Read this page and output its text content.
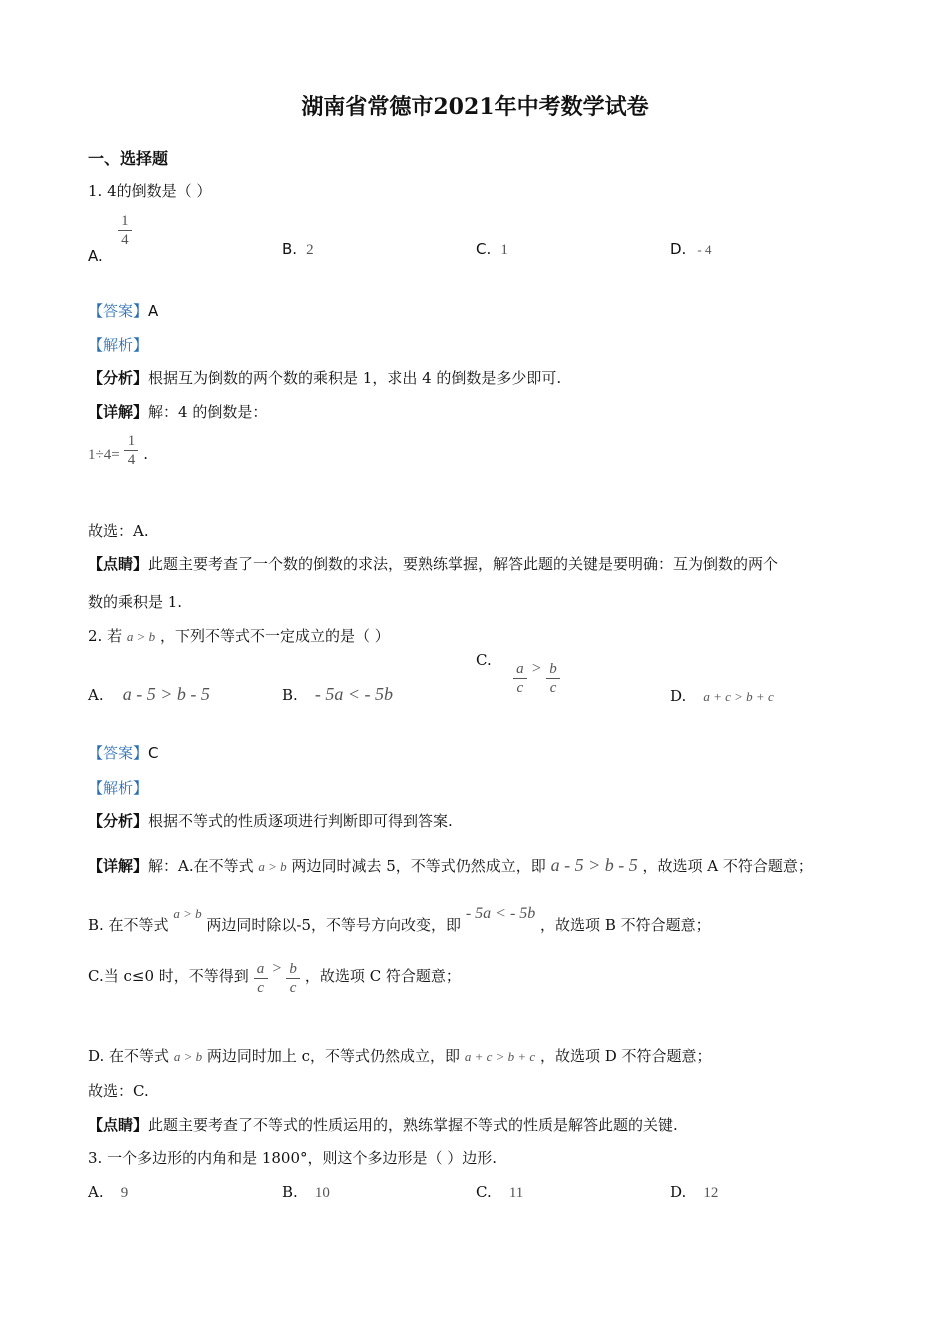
湖南省常德市2021年中考数学试卷
一、选择题
1. 4的倒数是（ ）
A.
$\frac{1}{4}$	B. 2	C. 1	D. - 4
【答案】A
【解析】
【分析】根据互为倒数的两个数的乘积是 1，求出 4 的倒数是多少即可.
【详解】解：4 的倒数是：
$1\div 4= \frac{1}{4}$ .
故选：A.
【点睛】此题主要考查了一个数的倒数的求法，要熟练掌握，解答此题的关键是要明确：互为倒数的两个
数的乘积是 1.
2. 若 a > b ，下列不等式不一定成立的是（ ）
A. a - 5 > b - 5	B. - 5a < - 5b
C. $\frac{a}{c} > \frac{b}{c}$	D. a + c > b + c
【答案】C
【解析】
【分析】根据不等式的性质逐项进行判断即可得到答案.
【详解】解：A.在不等式 a > b 两边同时减去 5，不等式仍然成立，即 a - 5 > b - 5 ，故选项 A 不符合题意；
B. 在不等式 a > b 两边同时除以-5，不等号方向改变，即 - 5a < - 5b ，故选项 B 不符合题意；
C.当 c≤0 时，不等得到 $\frac{a}{c} > \frac{b}{c}$ ，故选项 C 符合题意；
D. 在不等式 a > b 两边同时加上 c，不等式仍然成立，即 a + c > b + c ，故选项 D 不符合题意；
故选：C.
【点睛】此题主要考查了不等式的性质运用的，熟练掌握不等式的性质是解答此题的关键.
3. 一个多边形的内角和是 1800°，则这个多边形是（ ）边形.
A. 9	B. 10	C. 11	D. 12
